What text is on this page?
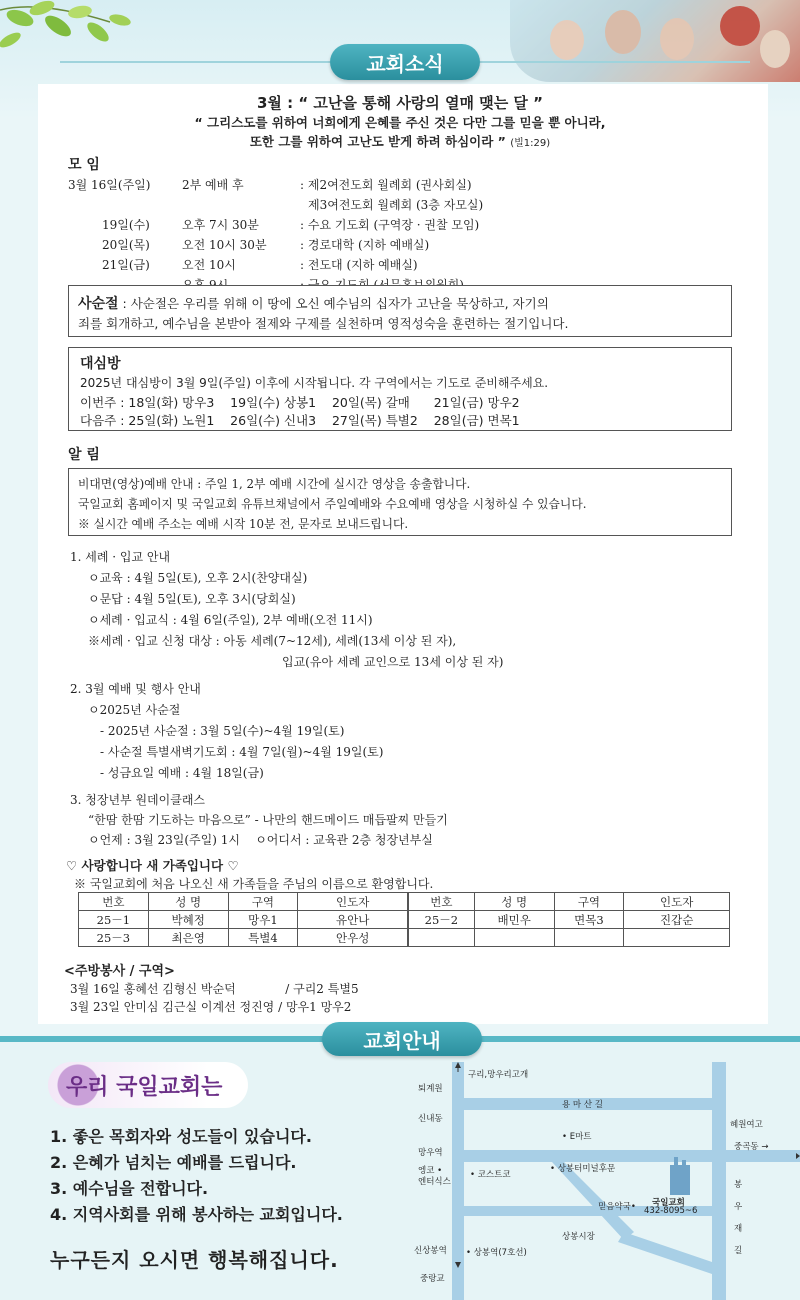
교회소식
3월 : “ 고난을 통해 사랑의 열매 맺는 달 ”
“ 그리스도를 위하여 너희에게 은혜를 주신 것은 다만 그를 믿을 뿐 아니라,
또한 그를 위하여 고난도 받게 하려 하심이라 ” (빌1:29)
모 임
3월 16일(주일)	2부 예배 후	: 제2여전도회 월례회 (권사회실)
제3여전도회 월례회 (3층 자모실)
19일(수)	오후 7시 30분	: 수요 기도회 (구역장 · 권찰 모임)
20일(목)	오전 10시 30분	: 경로대학 (지하 예배실)
21일(금)	오전 10시	: 전도대 (지하 예배실)
사순절 : 사순절은 우리를 위해 이 땅에 오신 예수님의 십자가 고난을 묵상하고, 자기의
죄를 회개하고, 예수님을 본받아 절제와 구제를 실천하며 영적성숙을 훈련하는 절기입니다.
대심방
2025년 대심방이 3월 9일(주일) 이후에 시작됩니다. 각 구역에서는 기도로 준비해주세요.
이번주 : 18일(화) 망우3    19일(수) 상봉1    20일(목) 갈매      21일(금) 망우2
다음주 : 25일(화) 노원1    26일(수) 신내3    27일(목) 특별2    28일(금) 면목1
알 림
비대면(영상)예배 안내 : 주일 1, 2부 예배 시간에 실시간 영상을 송출합니다.
국일교회 홈페이지 및 국일교회 유튜브채널에서 주일예배와 수요예배 영상을 시청하실 수 있습니다.
※ 실시간 예배 주소는 예배 시작 10분 전, 문자로 보내드립니다.
1. 세례 · 입교 안내
ㅇ교육 : 4월 5일(토), 오후 2시(찬양대실)
ㅇ문답 : 4월 5일(토), 오후 3시(당회실)
ㅇ세례 · 입교식 : 4월 6일(주일), 2부 예배(오전 11시)
※세례 · 입교 신청 대상 : 아동 세례(7~12세), 세례(13세 이상 된 자),
입교(유아 세례 교인으로 13세 이상 된 자)
2. 3월 예배 및 행사 안내
ㅇ2025년 사순절
- 2025년 사순절 : 3월 5일(수)~4월 19일(토)
- 사순절 특별새벽기도회 : 4월 7일(월)~4월 19일(토)
- 성금요일 예배 : 4월 18일(금)
3. 청장년부 원데이클래스
“한땀 한땀 기도하는 마음으로” - 나만의 핸드메이드 매듭팔찌 만들기
ㅇ언제 : 3월 23일(주일) 1시    ㅇ어디서 : 교육관 2층 청장년부실
♡ 사랑합니다 새 가족입니다 ♡
※ 국일교회에 처음 나오신 새 가족들을 주님의 이름으로 환영합니다.
번호	성 명	구역	인도자
25－1	박혜정	망우1	유안나
25－3	최은영	특별4	안우성
번호	성 명	구역	인도자
25－2	배민우	면목3	진갑순

<주방봉사 / 구역>
3월 16일 홍혜선 김형신 박순덕             / 구리2 특별5
3월 23일 안미심 김근실 이계선 정진영 / 망우1 망우2
교회안내
우리 국일교회는
1. 좋은 목회자와 성도들이 있습니다.
2. 은혜가 넘치는 예배를 드립니다.
3. 예수님을 전합니다.
4. 지역사회를 위해 봉사하는 교회입니다.
누구든지 오시면 행복해집니다.
구리,망우리고개
퇴계원
용 마 산 길
신내동
혜원여고
• E마트
망우역
중곡동 →
엥코 •
엔터식스
• 코스트코
• 상봉터미널후문
국일교회
432-8095~6
믿음약국•
봉
우
재
길
상봉시장
신상봉역 • 상봉역(7호선)
중랑교
